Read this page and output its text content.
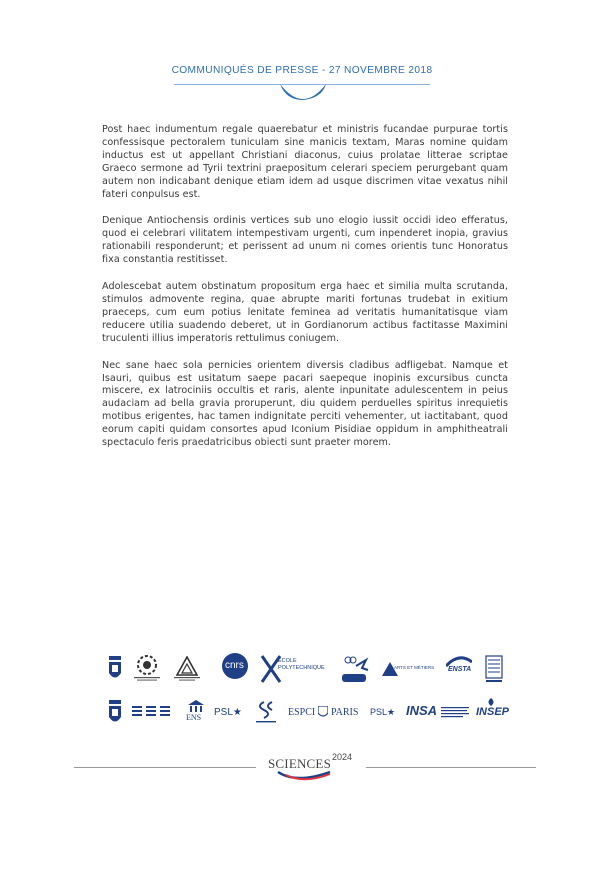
COMMUNIQUÉS DE PRESSE - 27 NOVEMBRE 2018

Post haec indumentum regale quaerebatur et ministris fucandae purpurae tortis confessisque pectoralem tuniculam sine manicis textam, Maras nomine quidam inductus est ut appellant Christiani diaconus, cuius prolatae litterae scriptae Graeco sermone ad Tyrii textrini praepositum celerari speciem perurgebant quam autem non indicabant denique etiam idem ad usque discrimen vitae vexatus nihil fateri conpulsus est.

Denique Antiochensis ordinis vertices sub uno elogio iussit occidi ideo efferatus, quod ei celebrari vilitatem intempestivam urgenti, cum inpenderet inopia, gravius rationabili responderunt; et perissent ad unum ni comes orientis tunc Honoratus fixa constantia restitisset.

Adolescebat autem obstinatum propositum erga haec et similia multa scrutanda, stimulos admovente regina, quae abrupte mariti fortunas trudebat in exitium praeceps, cum eum potius lenitate feminea ad veritatis humanitatisque viam reducere utilia suadendo deberet, ut in Gordianorum actibus factitasse Maximini truculenti illius imperatoris rettulimus coniugem.

Nec sane haec sola pernicies orientem diversis cladibus adfligebat. Namque et Isauri, quibus est usitatum saepe pacari saepeque inopinis excursibus cuncta miscere, ex latrociniis occultis et raris, alente inpunitate adulescentem in peius audaciam ad bella gravia proruperunt, diu quidem perduelles spiritus inrequietis motibus erigentes, hac tamen indignitate perciti vehementer, ut iactitabant, quod eorum capiti quidam consortes apud Iconium Pisidiae oppidum in amphitheatrali spectaculo feris praedatricibus obiecti sunt praeter morem.

cnrs	ÉCOLE
POLYTECHNIQUE	ARTS ET MÉTIERS ENSTA
ENS PSL★	ESPCI PARIS PSL★ INSA	INSEP
SCIENCES 2024
